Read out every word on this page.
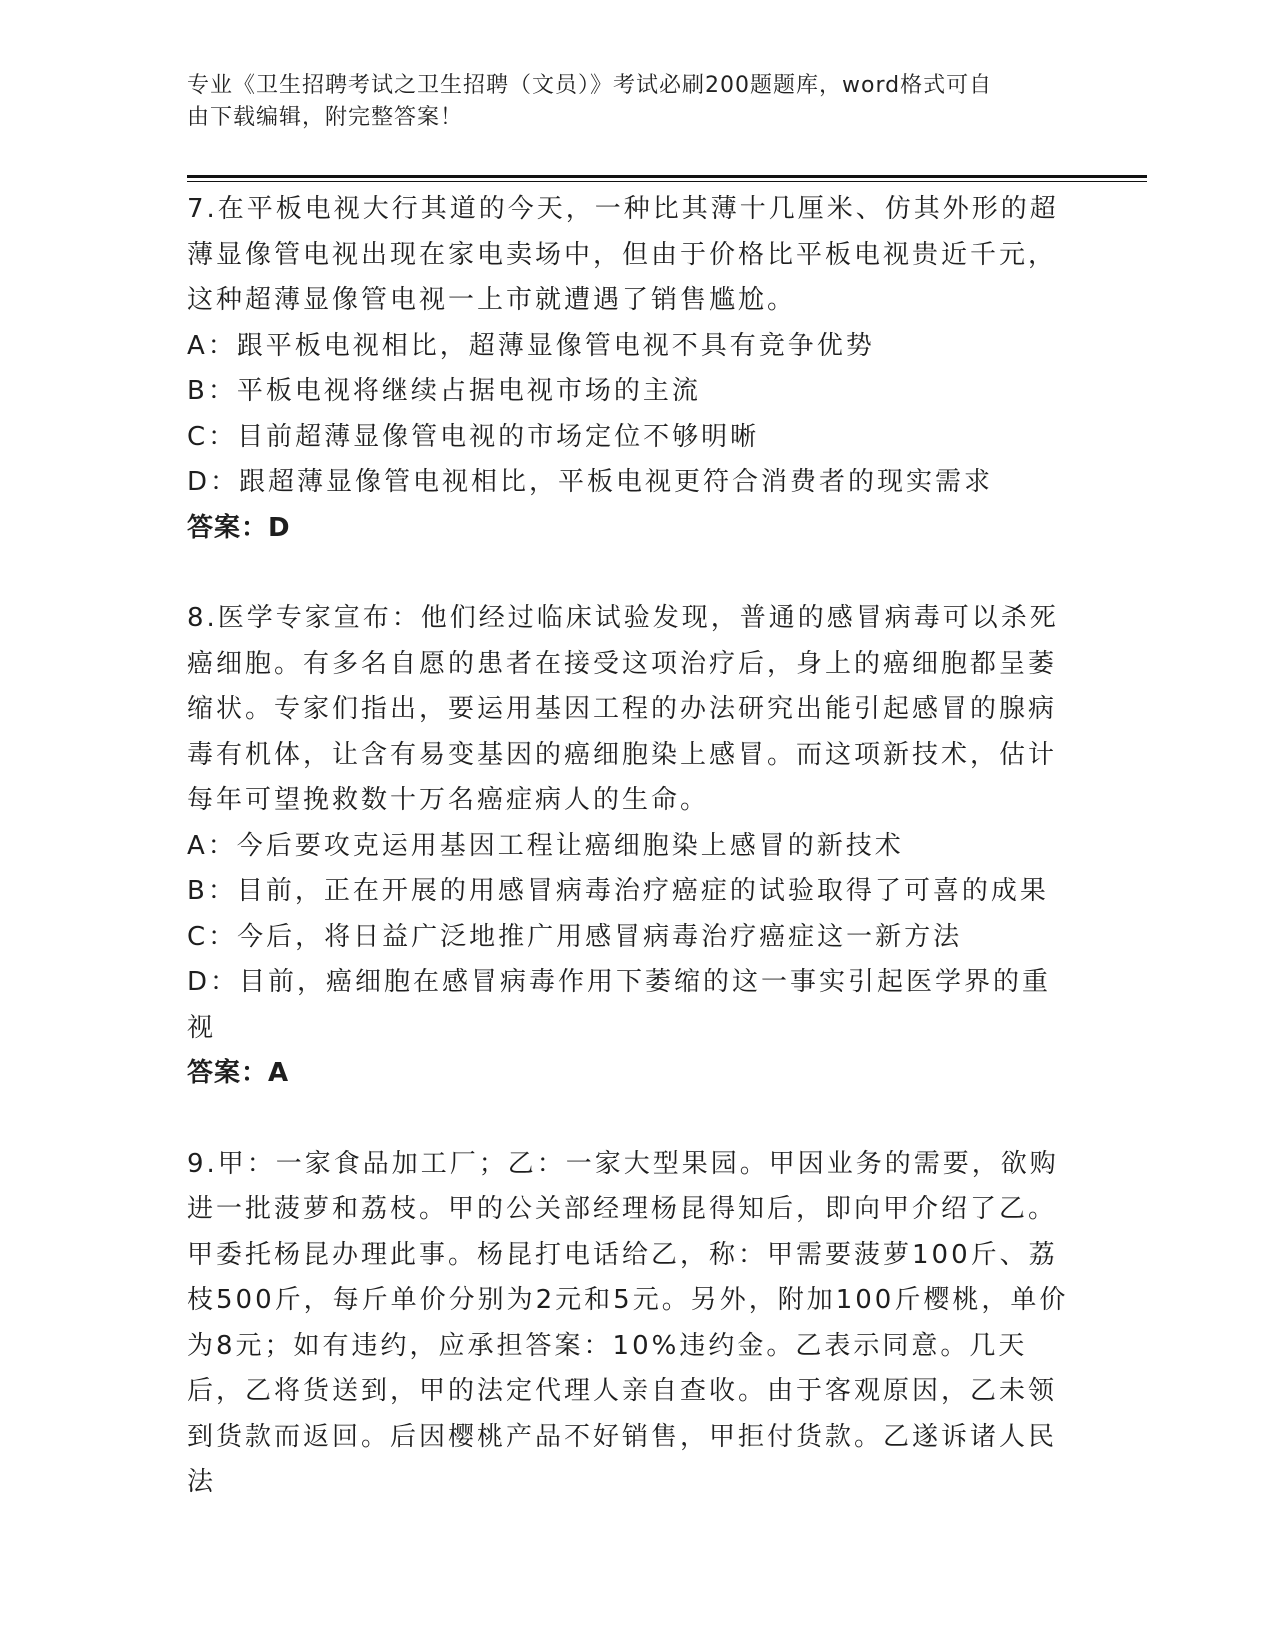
专业《卫生招聘考试之卫生招聘（文员）》考试必刷200题题库，word格式可自
由下载编辑，附完整答案！

7.在平板电视大行其道的今天，一种比其薄十几厘米、仿其外形的超薄显像管电视出现在家电卖场中，但由于价格比平板电视贵近千元，这种超薄显像管电视一上市就遭遇了销售尴尬。

A：跟平板电视相比，超薄显像管电视不具有竞争优势

B：平板电视将继续占据电视市场的主流

C：目前超薄显像管电视的市场定位不够明晰

D：跟超薄显像管电视相比，平板电视更符合消费者的现实需求

答案：D

8.医学专家宣布：他们经过临床试验发现，普通的感冒病毒可以杀死癌细胞。有多名自愿的患者在接受这项治疗后，身上的癌细胞都呈萎缩状。专家们指出，要运用基因工程的办法研究出能引起感冒的腺病毒有机体，让含有易变基因的癌细胞染上感冒。而这项新技术，估计每年可望挽救数十万名癌症病人的生命。

A：今后要攻克运用基因工程让癌细胞染上感冒的新技术

B：目前，正在开展的用感冒病毒治疗癌症的试验取得了可喜的成果

C：今后，将日益广泛地推广用感冒病毒治疗癌症这一新方法

D：目前，癌细胞在感冒病毒作用下萎缩的这一事实引起医学界的重视

答案：A

9.甲：一家食品加工厂；乙：一家大型果园。甲因业务的需要，欲购进一批菠萝和荔枝。甲的公关部经理杨昆得知后，即向甲介绍了乙。甲委托杨昆办理此事。杨昆打电话给乙，称：甲需要菠萝100斤、荔枝500斤，每斤单价分别为2元和5元。另外，附加100斤樱桃，单价为8元；如有违约，应承担答案：10%违约金。乙表示同意。几天后，乙将货送到，甲的法定代理人亲自查收。由于客观原因，乙未领到货款而返回。后因樱桃产品不好销售，甲拒付货款。乙遂诉诸人民法
